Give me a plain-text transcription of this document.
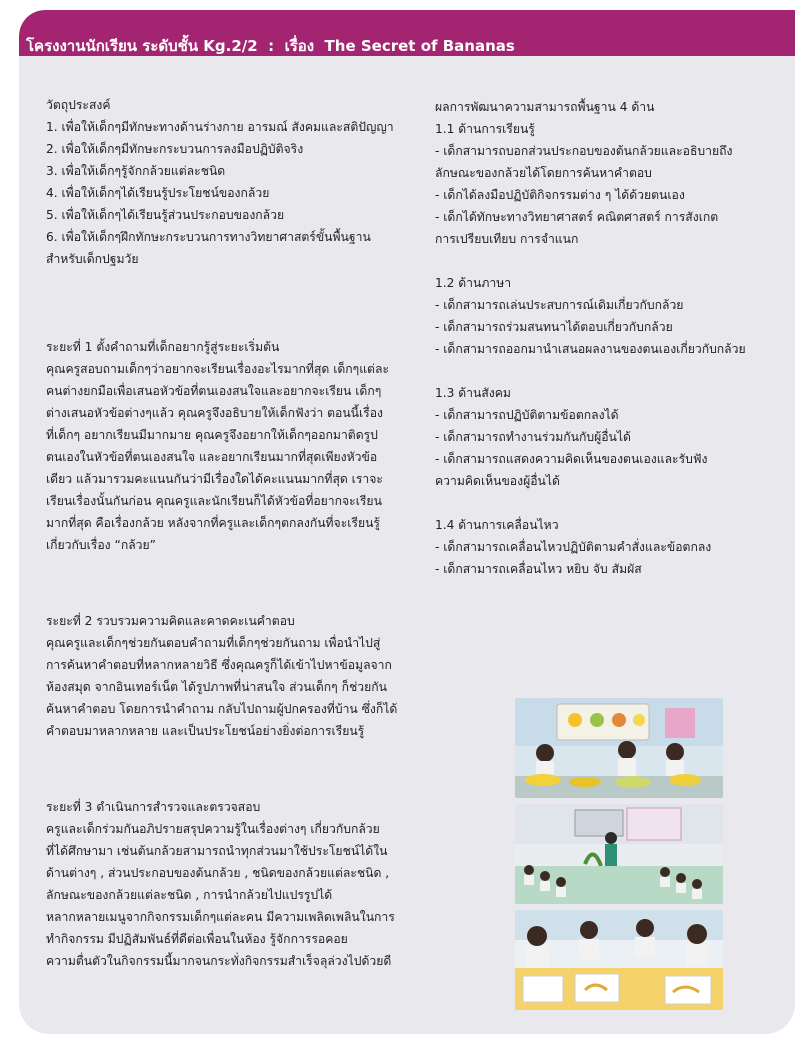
โครงงานนักเรียน ระดับชั้น Kg.2/2  :  เรื่อง  The Secret of Bananas

วัตถุประสงค์

1. เพื่อให้เด็กๆมีทักษะทางด้านร่างกาย อารมณ์ สังคมและสติปัญญา

2. เพื่อให้เด็กๆมีทักษะกระบวนการลงมือปฏิบัติจริง

3. เพื่อให้เด็กๆรู้จักกล้วยแต่ละชนิด

4. เพื่อให้เด็กๆได้เรียนรู้ประโยชน์ของกล้วย

5. เพื่อให้เด็กๆได้เรียนรู้ส่วนประกอบของกล้วย

6. เพื่อให้เด็กๆฝึกทักษะกระบวนการทางวิทยาศาสตร์ขั้นพื้นฐาน

สำหรับเด็กปฐมวัย

ระยะที่ 1 ตั้งคำถามที่เด็กอยากรู้สู่ระยะเริ่มต้น

คุณครูสอบถามเด็กๆว่าอยากจะเรียนเรื่องอะไรมากที่สุด เด็กๆแต่ละ

คนต่างยกมือเพื่อเสนอหัวข้อที่ตนเองสนใจและอยากจะเรียน เด็กๆ

ต่างเสนอหัวข้อต่างๆแล้ว คุณครูจึงอธิบายให้เด็กฟังว่า ตอนนี้เรื่อง

ที่เด็กๆ อยากเรียนมีมากมาย คุณครูจึงอยากให้เด็กๆออกมาติดรูป

ตนเองในหัวข้อที่ตนเองสนใจ และอยากเรียนมากที่สุดเพียงหัวข้อ

เดียว แล้วมารวมคะแนนกันว่ามีเรื่องใดได้คะแนนมากที่สุด เราจะ

เรียนเรื่องนั้นกันก่อน คุณครูและนักเรียนก็ได้หัวข้อที่อยากจะเรียน

มากที่สุด คือเรื่องกล้วย หลังจากที่ครูและเด็กๆตกลงกันที่จะเรียนรู้

เกี่ยวกับเรื่อง “กล้วย”

ระยะที่ 2 รวบรวมความคิดและคาดคะเนคำตอบ

คุณครูและเด็กๆช่วยกันตอบคำถามที่เด็กๆช่วยกันถาม เพื่อนำไปสู่

การค้นหาคำตอบที่หลากหลายวิธี ซึ่งคุณครูก็ได้เข้าไปหาข้อมูลจาก

ห้องสมุด จากอินเทอร์เน็ต ได้รูปภาพที่น่าสนใจ ส่วนเด็กๆ ก็ช่วยกัน

ค้นหาคำตอบ โดยการนำคำถาม กลับไปถามผู้ปกครองที่บ้าน ซึ่งก็ได้

คำตอบมาหลากหลาย และเป็นประโยชน์อย่างยิ่งต่อการเรียนรู้

ระยะที่ 3 ดำเนินการสำรวจและตรวจสอบ

ครูและเด็กร่วมกันอภิปรายสรุปความรู้ในเรื่องต่างๆ เกี่ยวกับกล้วย

ที่ได้ศึกษามา เช่นต้นกล้วยสามารถนำทุกส่วนมาใช้ประโยชน์ได้ใน

ด้านต่างๆ , ส่วนประกอบของต้นกล้วย , ชนิดของกล้วยแต่ละชนิด ,

ลักษณะของกล้วยแต่ละชนิด , การนำกล้วยไปแปรรูปได้

หลากหลายเมนูจากกิจกรรมเด็กๆแต่ละคน มีความเพลิดเพลินในการ

ทำกิจกรรม มีปฏิสัมพันธ์ที่ดีต่อเพื่อนในห้อง รู้จักการรอคอย

ความตื่นตัวในกิจกรรมนี้มากจนกระทั่งกิจกรรมสำเร็จลุล่วงไปด้วยดี

ผลการพัฒนาความสามารถพื้นฐาน 4 ด้าน

1.1 ด้านการเรียนรู้

- เด็กสามารถบอกส่วนประกอบของต้นกล้วยและอธิบายถึง

ลักษณะของกล้วยได้โดยการค้นหาคำตอบ

- เด็กได้ลงมือปฏิบัติกิจกรรมต่าง ๆ ได้ด้วยตนเอง

- เด็กได้ทักษะทางวิทยาศาสตร์ คณิตศาสตร์ การสังเกต

การเปรียบเทียบ การจำแนก

1.2 ด้านภาษา

- เด็กสามารถเล่นประสบการณ์เดิมเกี่ยวกับกล้วย

- เด็กสามารถร่วมสนทนาได้ตอบเกี่ยวกับกล้วย

- เด็กสามารถออกมานำเสนอผลงานของตนเองเกี่ยวกับกล้วย

1.3 ด้านสังคม

- เด็กสามารถปฏิบัติตามข้อตกลงได้

- เด็กสามารถทำงานร่วมกันกับผู้อื่นได้

- เด็กสามารถแสดงความคิดเห็นของตนเองและรับฟัง

ความคิดเห็นของผู้อื่นได้

1.4 ด้านการเคลื่อนไหว

- เด็กสามารถเคลื่อนไหวปฏิบัติตามคำสั่งและข้อตกลง

- เด็กสามารถเคลื่อนไหว หยิบ จับ สัมผัส
